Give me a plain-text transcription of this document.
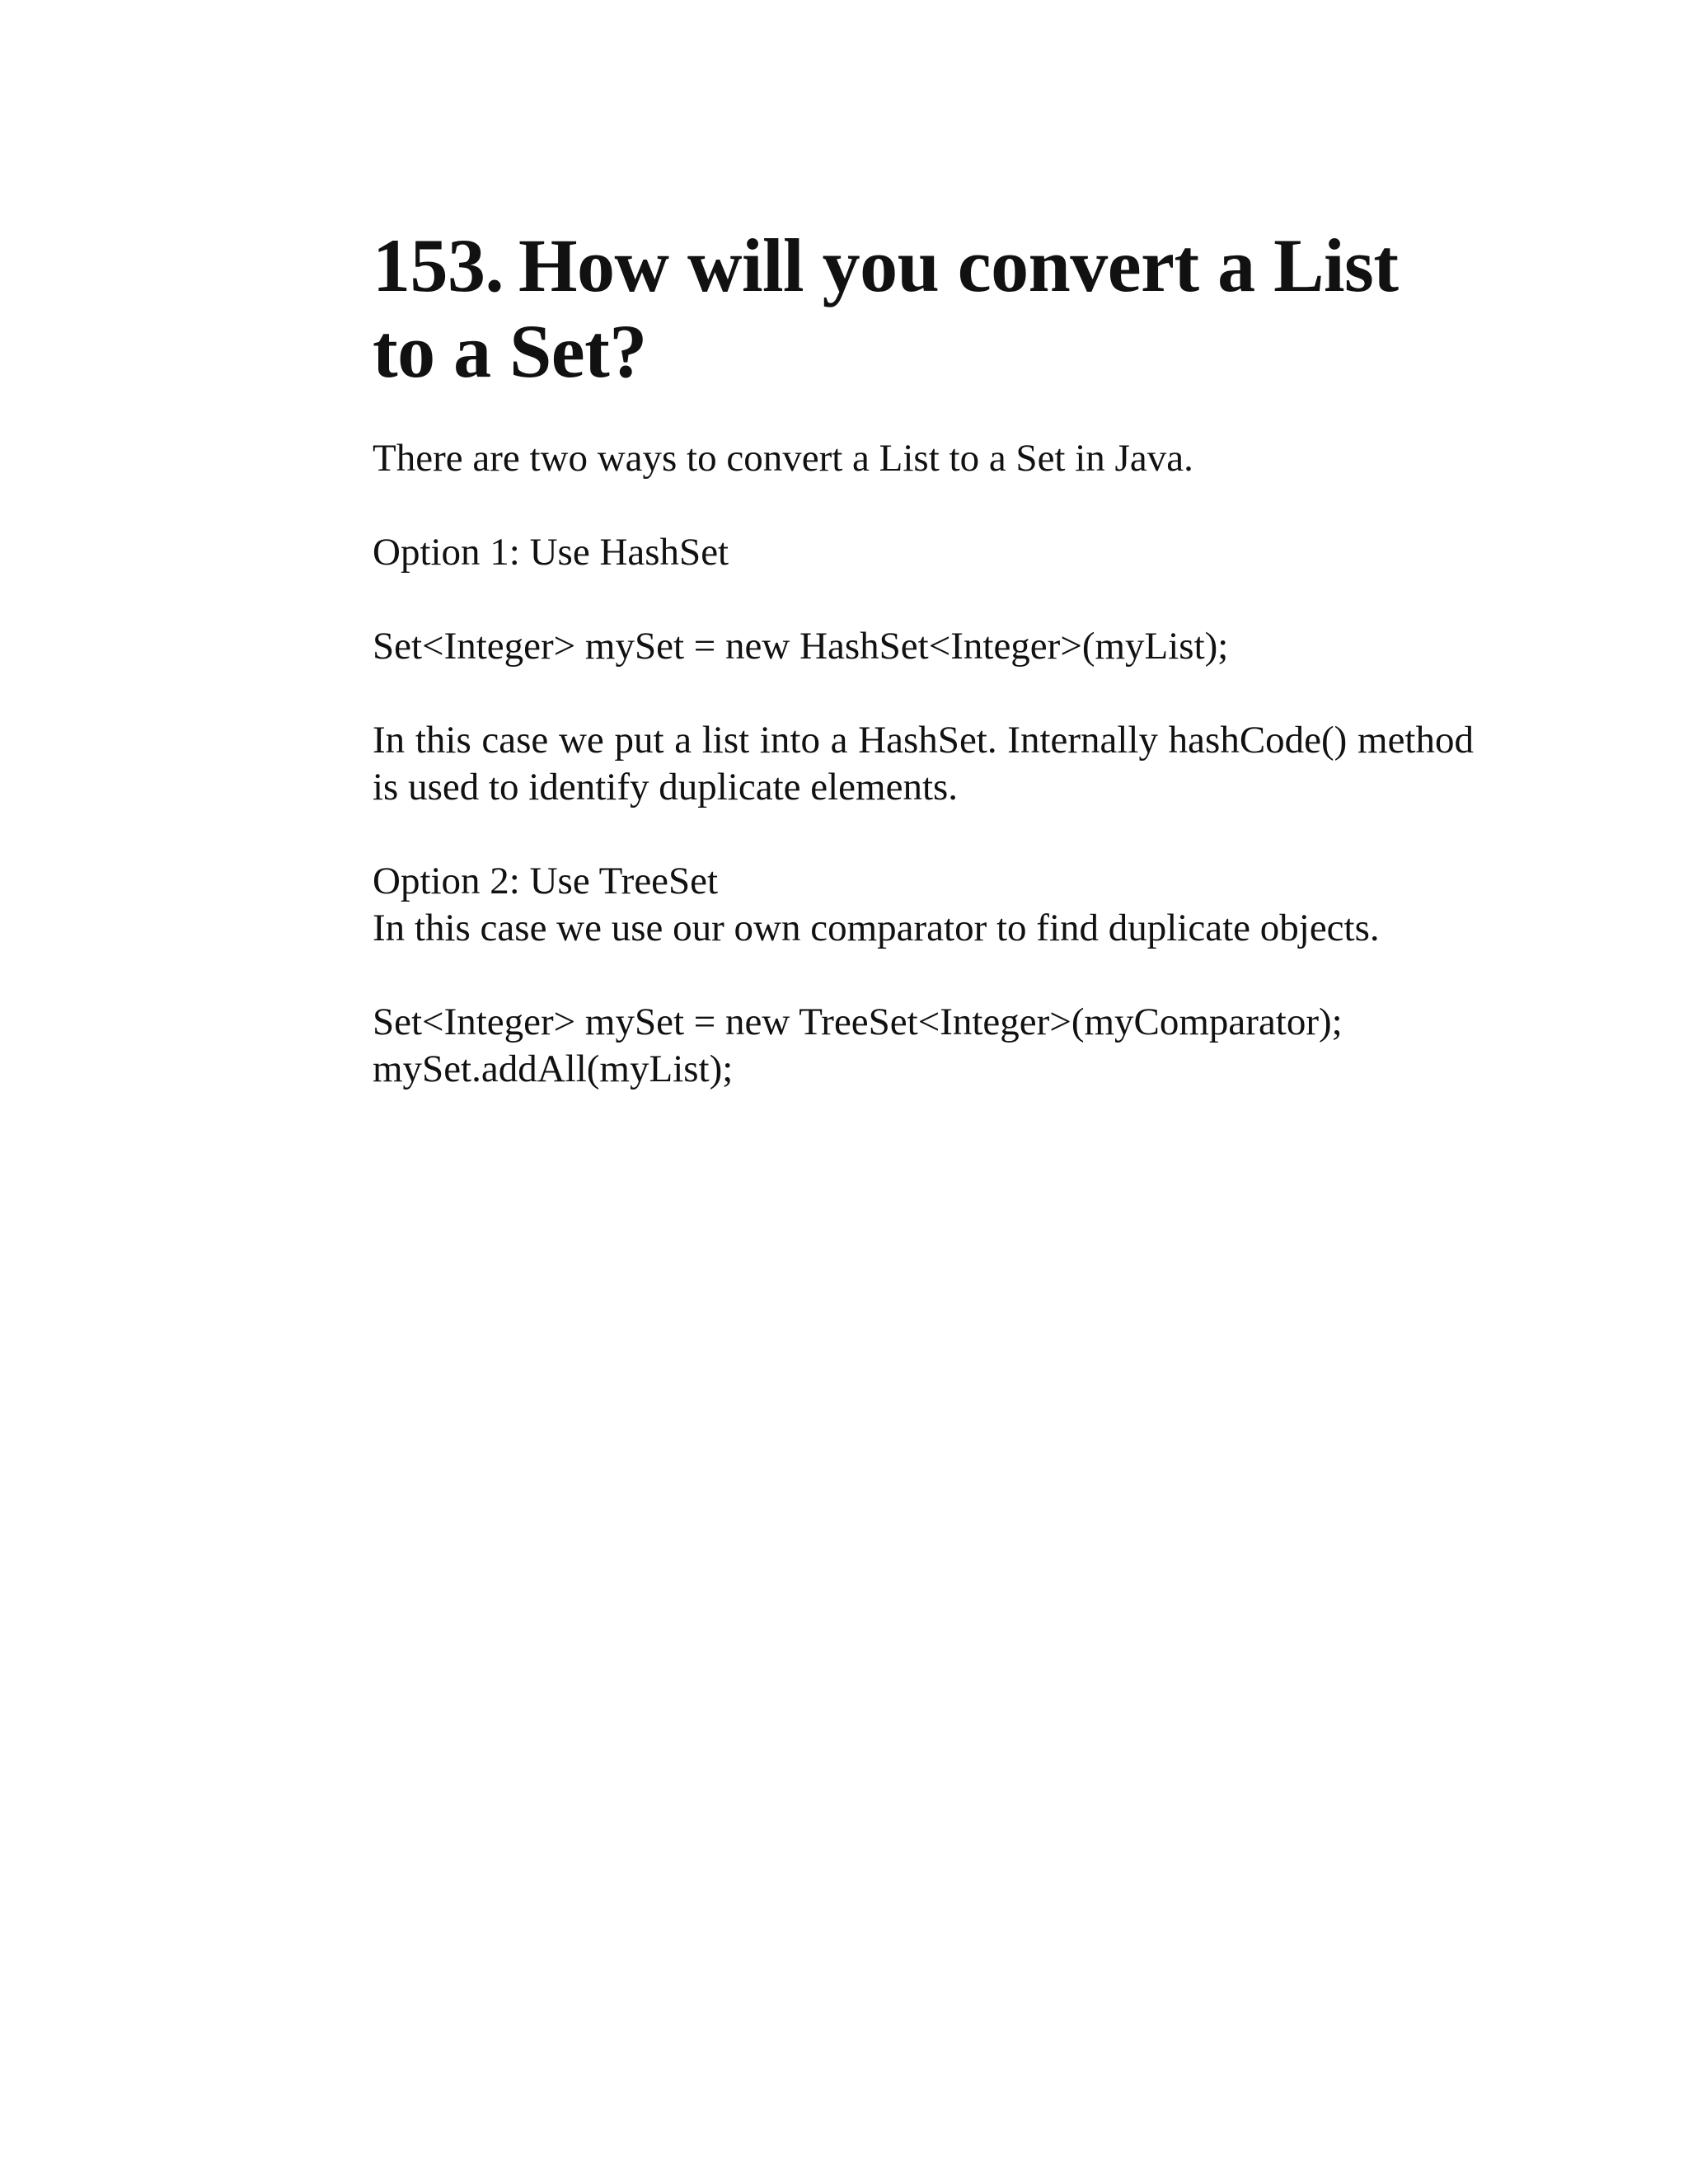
153. How will you convert a List to a Set?

There are two ways to convert a List to a Set in Java.

Option 1: Use HashSet

Set<Integer> mySet = new HashSet<Integer>(myList);

In this case we put a list into a HashSet. Internally hashCode() method is used to identify duplicate elements.

Option 2: Use TreeSet

In this case we use our own comparator to find duplicate objects.

Set<Integer> mySet = new TreeSet<Integer>(myComparator);

mySet.addAll(myList);
